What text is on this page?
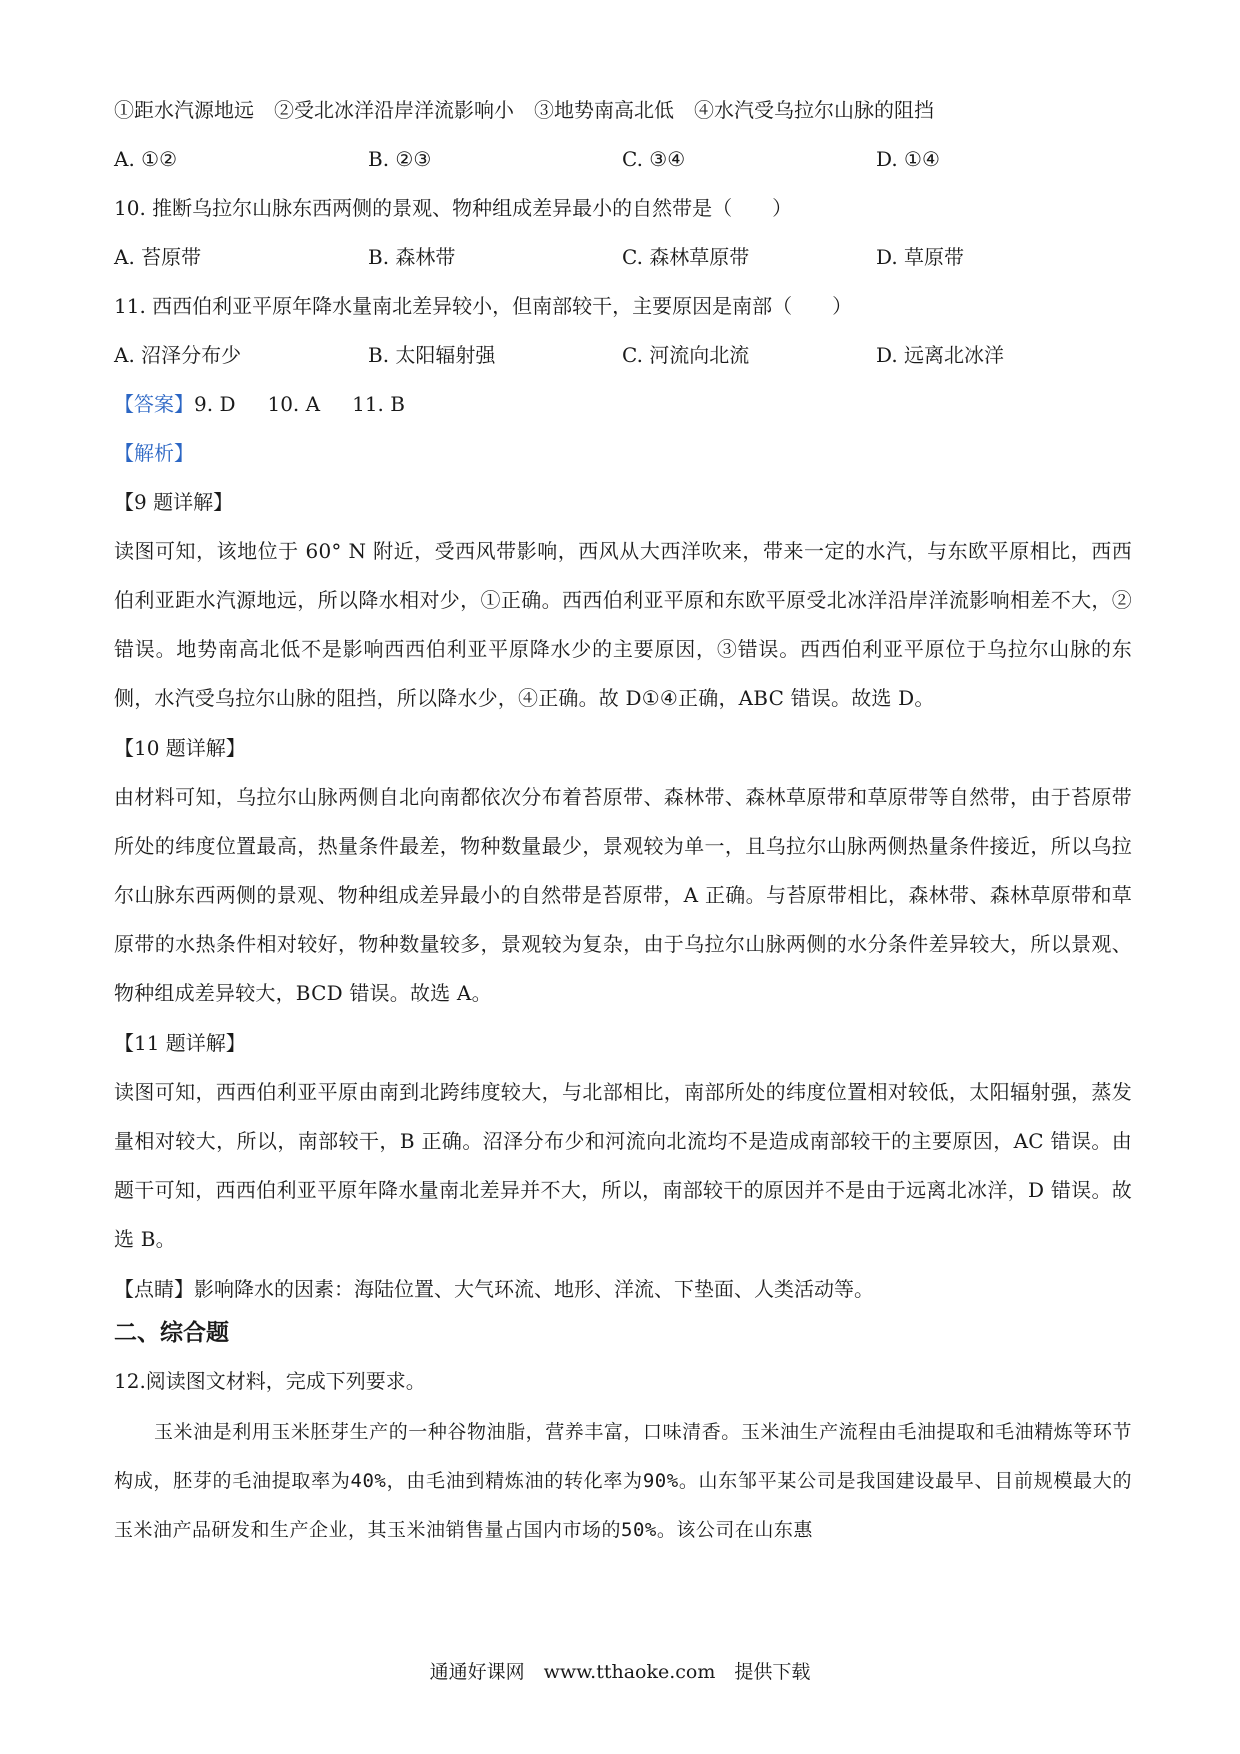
①距水汽源地远　②受北冰洋沿岸洋流影响小　③地势南高北低　④水汽受乌拉尔山脉的阻挡
A. ①②	B. ②③	C. ③④	D. ①④
10. 推断乌拉尔山脉东西两侧的景观、物种组成差异最小的自然带是（　　）
A. 苔原带	B. 森林带	C. 森林草原带	D. 草原带
11. 西西伯利亚平原年降水量南北差异较小，但南部较干，主要原因是南部（　　）
A. 沼泽分布少	B. 太阳辐射强	C. 河流向北流	D. 远离北冰洋
【答案】9. D 10. A 11. B
【解析】
【9 题详解】
读图可知，该地位于 60° N 附近，受西风带影响，西风从大西洋吹来，带来一定的水汽，与东欧平原相比，西西伯利亚距水汽源地远，所以降水相对少，①正确。西西伯利亚平原和东欧平原受北冰洋沿岸洋流影响相差不大，②错误。地势南高北低不是影响西西伯利亚平原降水少的主要原因，③错误。西西伯利亚平原位于乌拉尔山脉的东侧，水汽受乌拉尔山脉的阻挡，所以降水少，④正确。故 D①④正确，ABC 错误。故选 D。
【10 题详解】
由材料可知，乌拉尔山脉两侧自北向南都依次分布着苔原带、森林带、森林草原带和草原带等自然带，由于苔原带所处的纬度位置最高，热量条件最差，物种数量最少，景观较为单一，且乌拉尔山脉两侧热量条件接近，所以乌拉尔山脉东西两侧的景观、物种组成差异最小的自然带是苔原带，A 正确。与苔原带相比，森林带、森林草原带和草原带的水热条件相对较好，物种数量较多，景观较为复杂，由于乌拉尔山脉两侧的水分条件差异较大，所以景观、物种组成差异较大，BCD 错误。故选 A。
【11 题详解】
读图可知，西西伯利亚平原由南到北跨纬度较大，与北部相比，南部所处的纬度位置相对较低，太阳辐射强，蒸发量相对较大，所以，南部较干，B 正确。沼泽分布少和河流向北流均不是造成南部较干的主要原因，AC 错误。由题干可知，西西伯利亚平原年降水量南北差异并不大，所以，南部较干的原因并不是由于远离北冰洋，D 错误。故选 B。
【点睛】影响降水的因素：海陆位置、大气环流、地形、洋流、下垫面、人类活动等。
二、综合题
12.阅读图文材料，完成下列要求。
玉米油是利用玉米胚芽生产的一种谷物油脂，营养丰富，口味清香。玉米油生产流程由毛油提取和毛油精炼等环节构成，胚芽的毛油提取率为40%，由毛油到精炼油的转化率为90%。山东邹平某公司是我国建设最早、目前规模最大的玉米油产品研发和生产企业，其玉米油销售量占国内市场的50%。该公司在山东惠
通通好课网　www.tthaoke.com　提供下载
